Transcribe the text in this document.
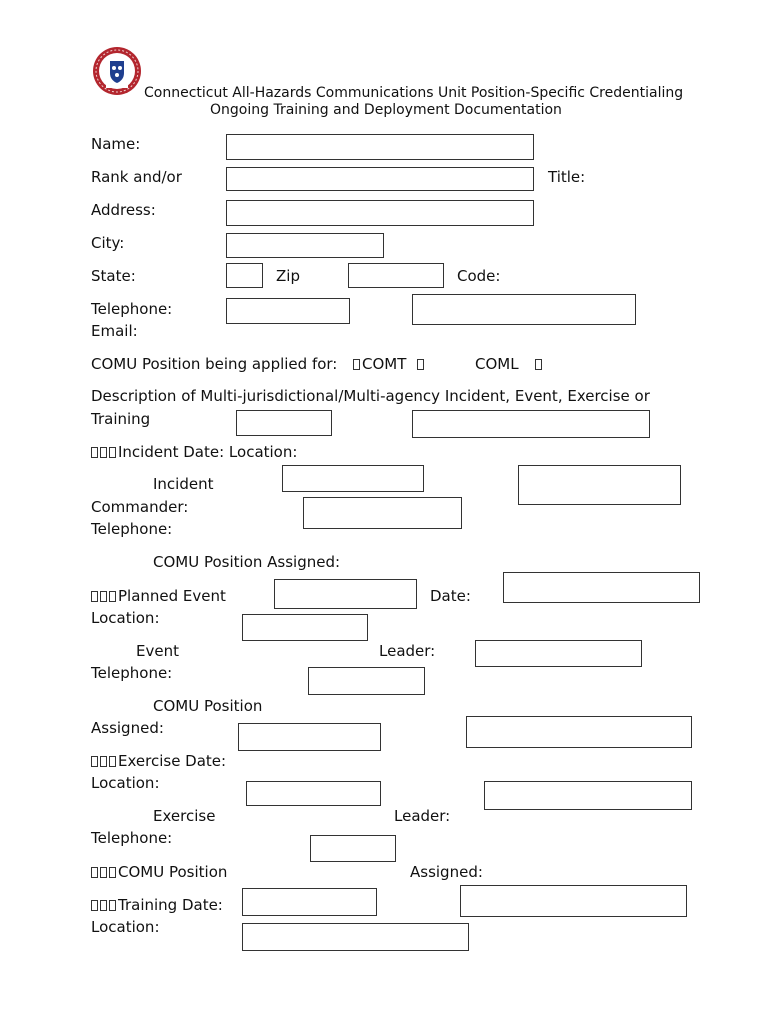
Connecticut All-Hazards Communications Unit Position-Specific Credentialing
Ongoing Training and Deployment Documentation
Name:
Rank and/or	Title:
Address:
City:
State:	Zip	Code:
Telephone:
Email:
COMU Position being applied for:	COMT	COML
Description of Multi-jurisdictional/Multi-agency Incident, Event, Exercise or
Training
Incident Date: Location:
Incident
Commander:
Telephone:
COMU Position Assigned:
Planned Event	Date:
Location:
Event	Leader:
Telephone:
COMU Position
Assigned:
Exercise Date:
Location:
Exercise	Leader:
Telephone:
COMU Position	Assigned:
Training Date:
Location:
